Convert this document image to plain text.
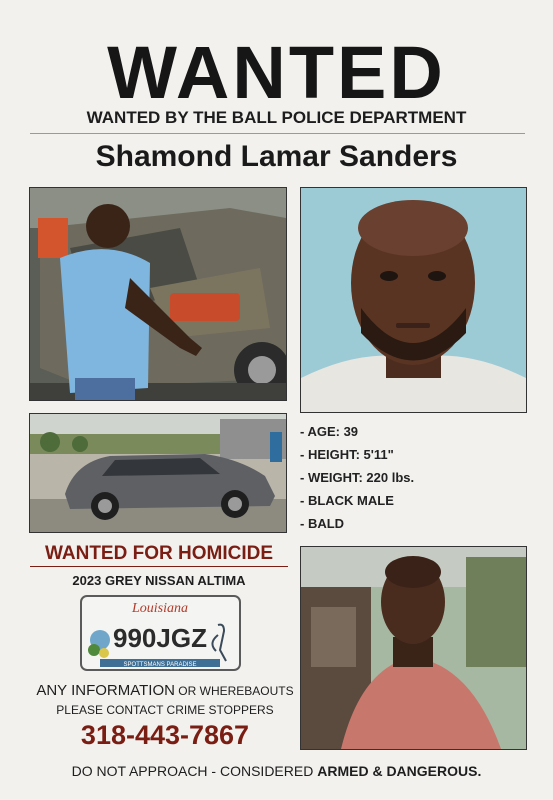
WANTED
WANTED BY THE BALL POLICE DEPARTMENT
Shamond Lamar Sanders
- AGE: 39
- HEIGHT: 5'11"
- WEIGHT: 220 lbs.
- BLACK MALE
- BALD
WANTED FOR HOMICIDE
2023 GREY NISSAN ALTIMA
Louisiana
990JGZ
SPOTTSMANS PARADISE
ANY INFORMATION OR WHEREBAOUTS
PLEASE CONTACT CRIME STOPPERS
318-443-7867
DO NOT APPROACH - CONSIDERED ARMED & DANGEROUS.
